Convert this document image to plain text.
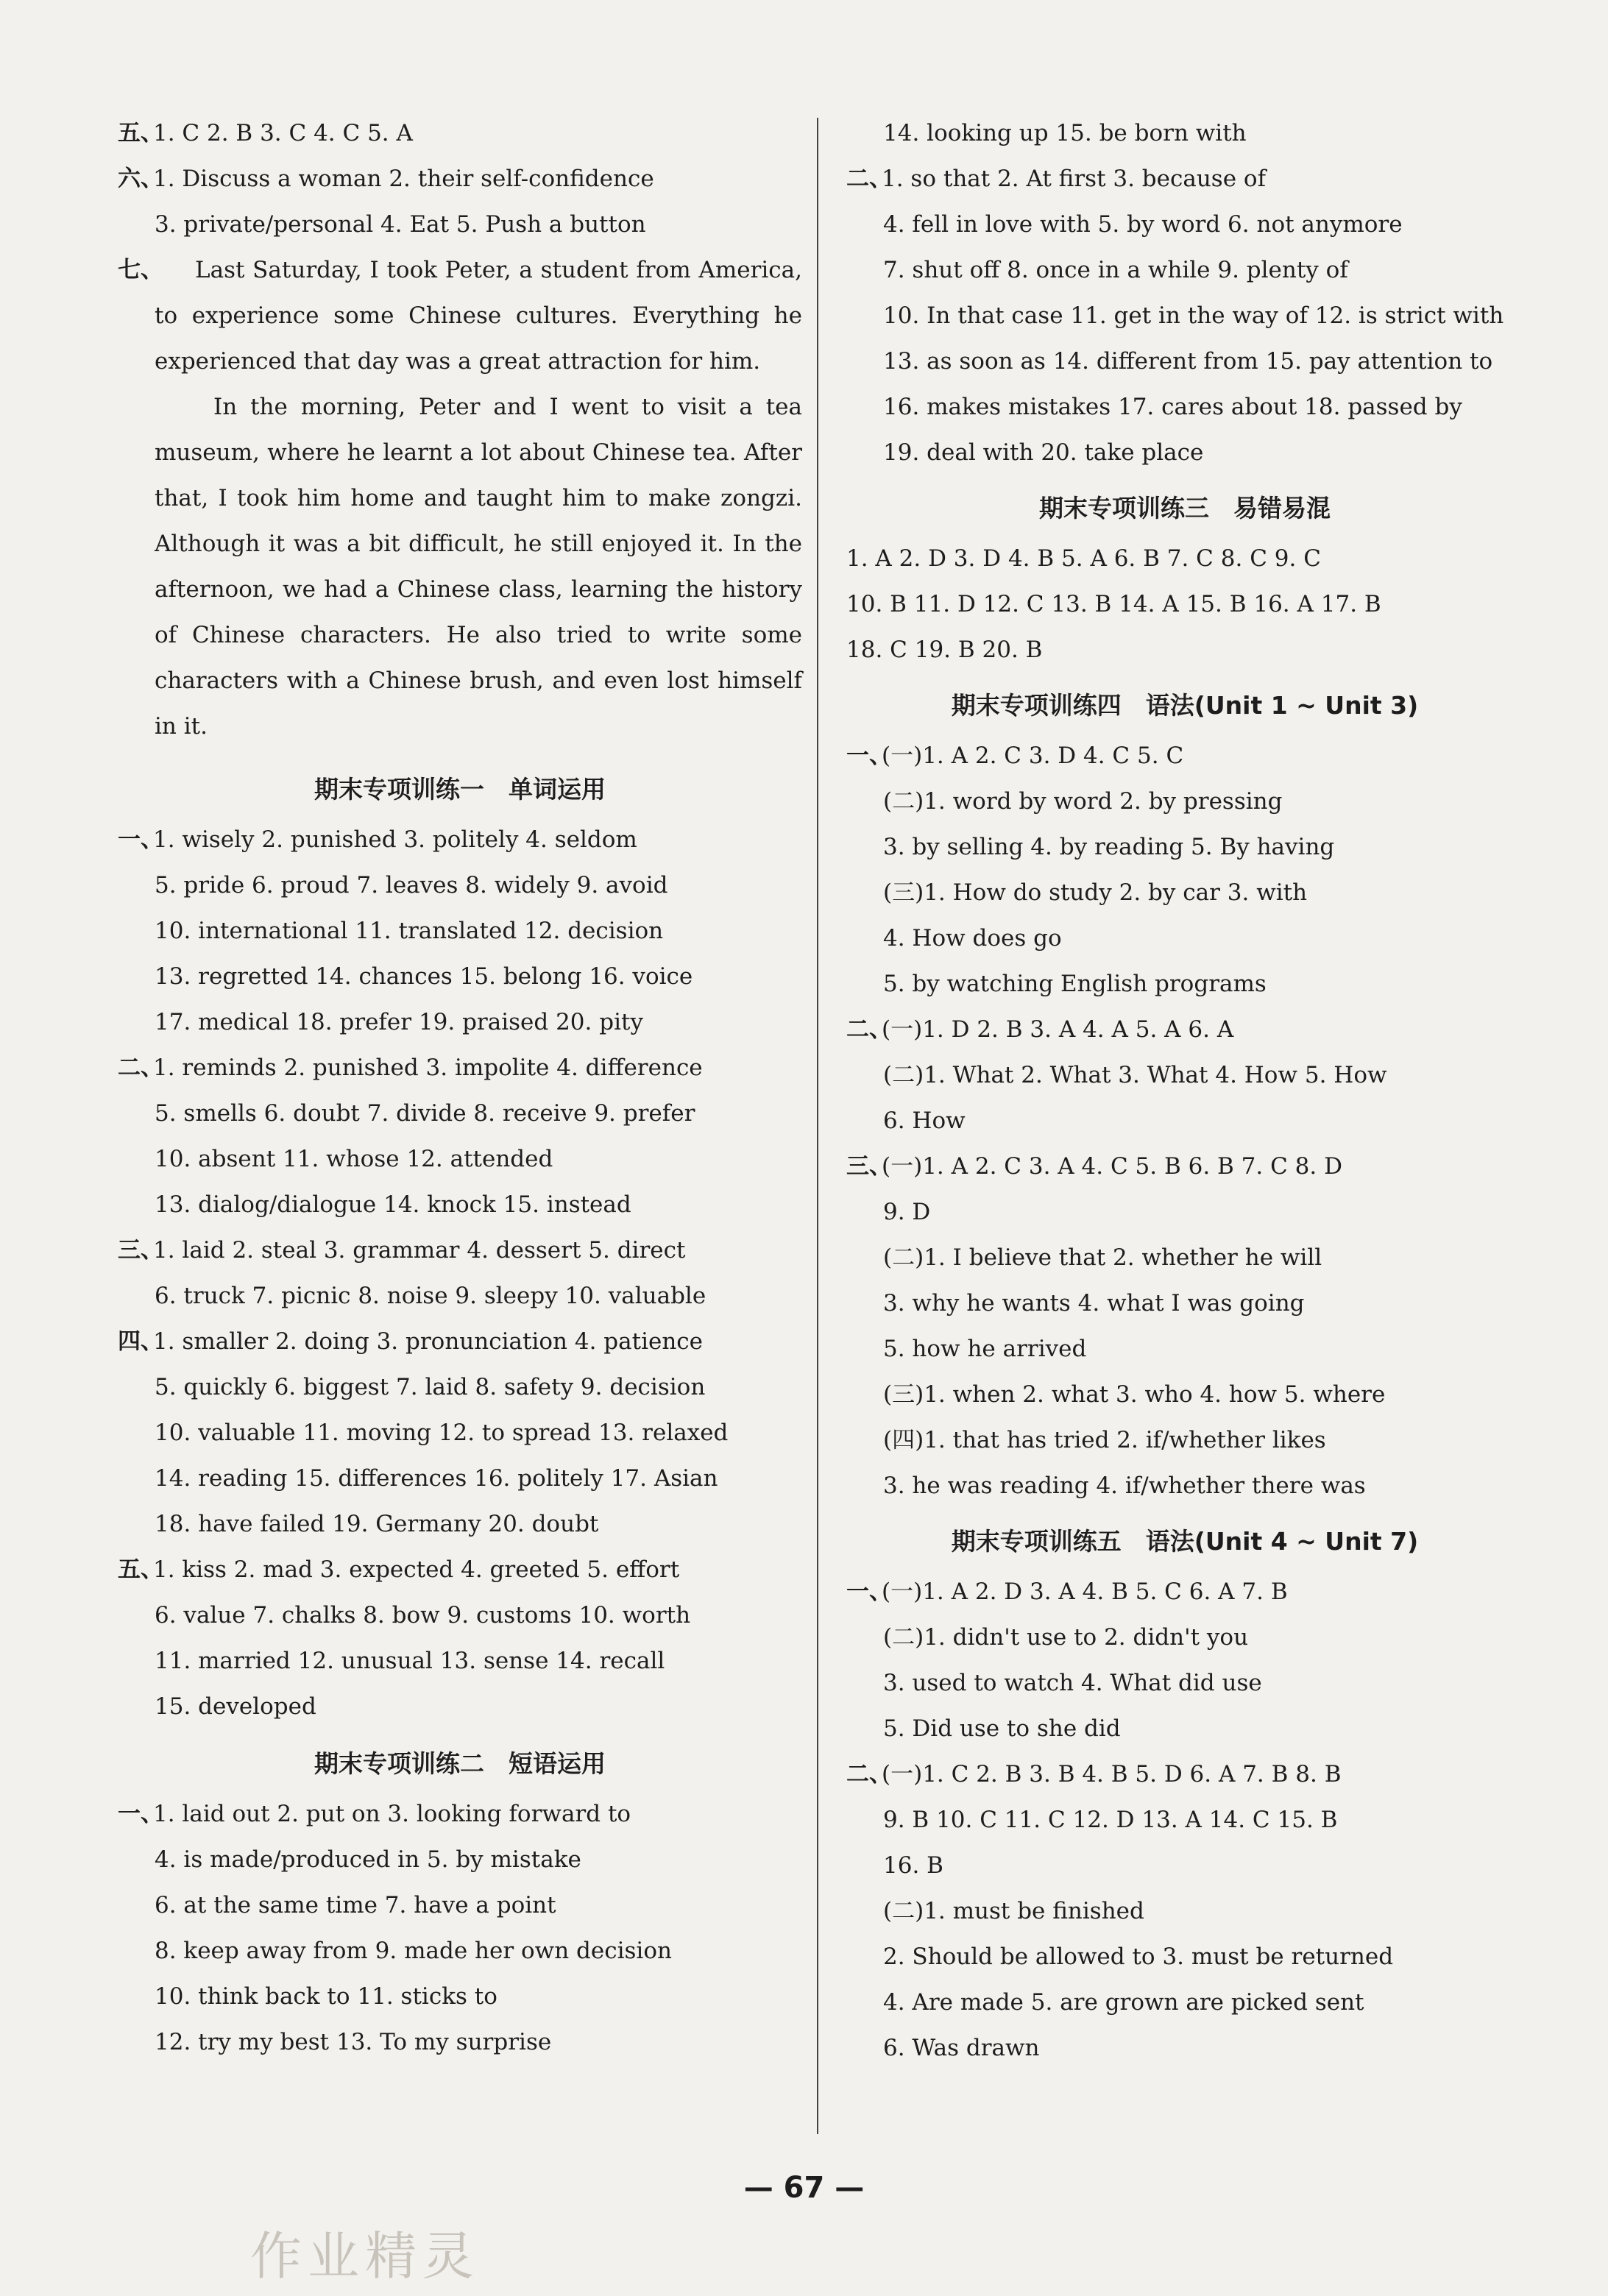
五、
1. C 2. B 3. C 4. C 5. A
六、
1. Discuss a woman 2. their self-confidence
3. private/personal 4. Eat 5. Push a button
七、	Last Saturday, I took Peter, a student from America, to experience some Chinese cultures. Everything he experienced that day was a great attraction for him.

In the morning, Peter and I went to visit a tea museum, where he learnt a lot about Chinese tea. After that, I took him home and taught him to make zongzi. Although it was a bit difficult, he still enjoyed it. In the afternoon, we had a Chinese class, learning the history of Chinese characters. He also tried to write some characters with a Chinese brush, and even lost himself in it.

期末专项训练一　单词运用
一、
1. wisely 2. punished 3. politely 4. seldom
5. pride 6. proud 7. leaves 8. widely 9. avoid
10. international 11. translated 12. decision
13. regretted 14. chances 15. belong 16. voice
17. medical 18. prefer 19. praised 20. pity
二、
1. reminds 2. punished 3. impolite 4. difference
5. smells 6. doubt 7. divide 8. receive 9. prefer
10. absent 11. whose 12. attended
13. dialog/dialogue 14. knock 15. instead
三、
1. laid 2. steal 3. grammar 4. dessert 5. direct
6. truck 7. picnic 8. noise 9. sleepy 10. valuable
四、
1. smaller 2. doing 3. pronunciation 4. patience
5. quickly 6. biggest 7. laid 8. safety 9. decision
10. valuable 11. moving 12. to spread 13. relaxed
14. reading 15. differences 16. politely 17. Asian
18. have failed 19. Germany 20. doubt
五、
1. kiss 2. mad 3. expected 4. greeted 5. effort
6. value 7. chalks 8. bow 9. customs 10. worth
11. married 12. unusual 13. sense 14. recall
15. developed
期末专项训练二　短语运用
一、
1. laid out 2. put on 3. looking forward to
4. is made/produced in 5. by mistake
6. at the same time 7. have a point
8. keep away from 9. made her own decision
10. think back to 11. sticks to
12. try my best 13. To my surprise
14. looking up 15. be born with
二、
1. so that 2. At first 3. because of
4. fell in love with 5. by word 6. not anymore
7. shut off 8. once in a while 9. plenty of
10. In that case 11. get in the way of 12. is strict with
13. as soon as 14. different from 15. pay attention to
16. makes mistakes 17. cares about 18. passed by
19. deal with 20. take place
期末专项训练三　易错易混
1. A 2. D 3. D 4. B 5. A 6. B 7. C 8. C 9. C
10. B 11. D 12. C 13. B 14. A 15. B 16. A 17. B
18. C 19. B 20. B
期末专项训练四　语法(Unit 1 ~ Unit 3)
一、
(一)1. A 2. C 3. D 4. C 5. C
(二)1. word by word 2. by pressing
3. by selling 4. by reading 5. By having
(三)1. How do study 2. by car 3. with
4. How does go
5. by watching English programs
二、
(一)1. D 2. B 3. A 4. A 5. A 6. A
(二)1. What 2. What 3. What 4. How 5. How
6. How
三、
(一)1. A 2. C 3. A 4. C 5. B 6. B 7. C 8. D
9. D
(二)1. I believe that 2. whether he will
3. why he wants 4. what I was going
5. how he arrived
(三)1. when 2. what 3. who 4. how 5. where
(四)1. that has tried 2. if/whether likes
3. he was reading 4. if/whether there was
期末专项训练五　语法(Unit 4 ~ Unit 7)
一、
(一)1. A 2. D 3. A 4. B 5. C 6. A 7. B
(二)1. didn't use to 2. didn't you
3. used to watch 4. What did use
5. Did use to she did
二、
(一)1. C 2. B 3. B 4. B 5. D 6. A 7. B 8. B
9. B 10. C 11. C 12. D 13. A 14. C 15. B
16. B
(二)1. must be finished
2. Should be allowed to 3. must be returned
4. Are made 5. are grown are picked sent
6. Was drawn
— 67 —
作业精灵
